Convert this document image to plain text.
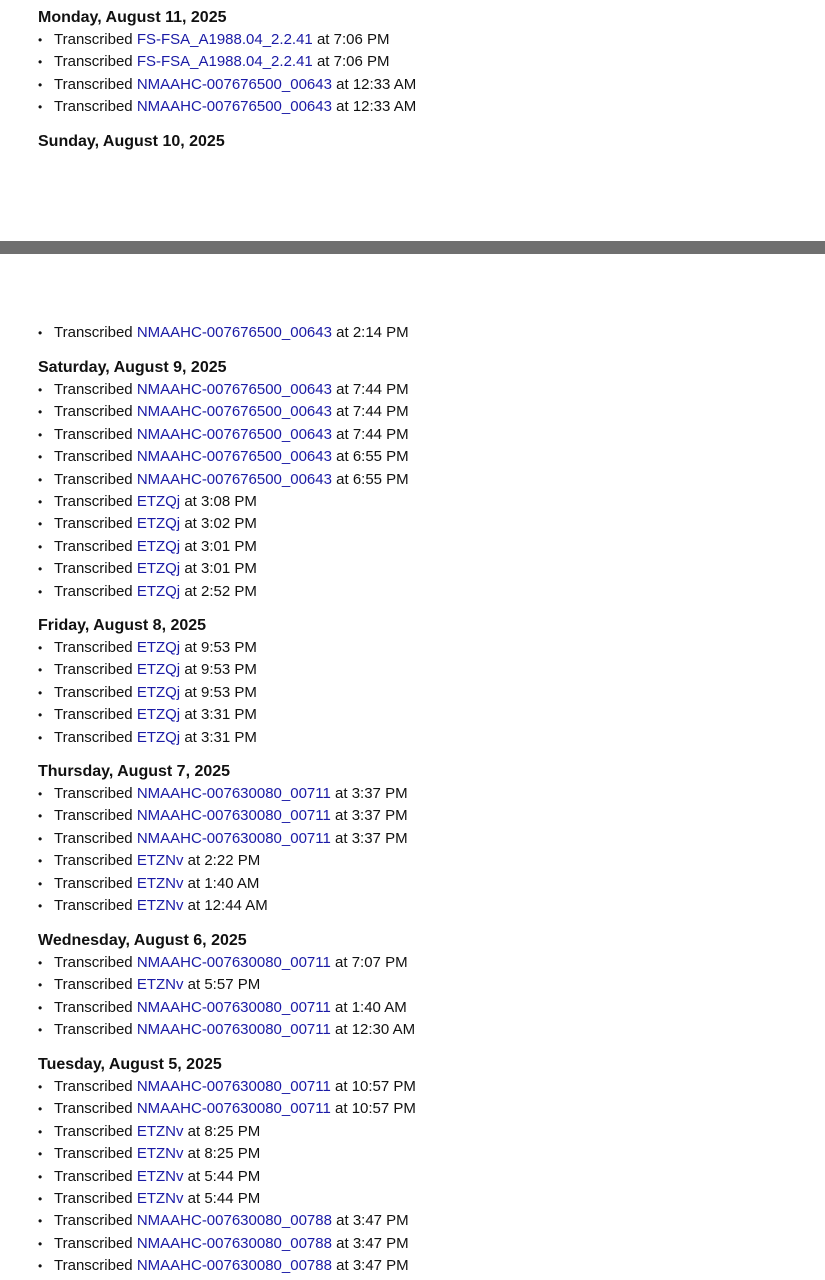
Monday, August 11, 2025
• Transcribed FS-FSA_A1988.04_2.2.41 at 7:06 PM
• Transcribed FS-FSA_A1988.04_2.2.41 at 7:06 PM
• Transcribed NMAAHC-007676500_00643 at 12:33 AM
• Transcribed NMAAHC-007676500_00643 at 12:33 AM
Sunday, August 10, 2025
• Transcribed NMAAHC-007676500_00643 at 2:14 PM
Saturday, August 9, 2025
• Transcribed NMAAHC-007676500_00643 at 7:44 PM
• Transcribed NMAAHC-007676500_00643 at 7:44 PM
• Transcribed NMAAHC-007676500_00643 at 7:44 PM
• Transcribed NMAAHC-007676500_00643 at 6:55 PM
• Transcribed NMAAHC-007676500_00643 at 6:55 PM
• Transcribed ETZQj at 3:08 PM
• Transcribed ETZQj at 3:02 PM
• Transcribed ETZQj at 3:01 PM
• Transcribed ETZQj at 3:01 PM
• Transcribed ETZQj at 2:52 PM
Friday, August 8, 2025
• Transcribed ETZQj at 9:53 PM
• Transcribed ETZQj at 9:53 PM
• Transcribed ETZQj at 9:53 PM
• Transcribed ETZQj at 3:31 PM
• Transcribed ETZQj at 3:31 PM
Thursday, August 7, 2025
• Transcribed NMAAHC-007630080_00711 at 3:37 PM
• Transcribed NMAAHC-007630080_00711 at 3:37 PM
• Transcribed NMAAHC-007630080_00711 at 3:37 PM
• Transcribed ETZNv at 2:22 PM
• Transcribed ETZNv at 1:40 AM
• Transcribed ETZNv at 12:44 AM
Wednesday, August 6, 2025
• Transcribed NMAAHC-007630080_00711 at 7:07 PM
• Transcribed ETZNv at 5:57 PM
• Transcribed NMAAHC-007630080_00711 at 1:40 AM
• Transcribed NMAAHC-007630080_00711 at 12:30 AM
Tuesday, August 5, 2025
• Transcribed NMAAHC-007630080_00711 at 10:57 PM
• Transcribed NMAAHC-007630080_00711 at 10:57 PM
• Transcribed ETZNv at 8:25 PM
• Transcribed ETZNv at 8:25 PM
• Transcribed ETZNv at 5:44 PM
• Transcribed ETZNv at 5:44 PM
• Transcribed NMAAHC-007630080_00788 at 3:47 PM
• Transcribed NMAAHC-007630080_00788 at 3:47 PM
• Transcribed NMAAHC-007630080_00788 at 3:47 PM
